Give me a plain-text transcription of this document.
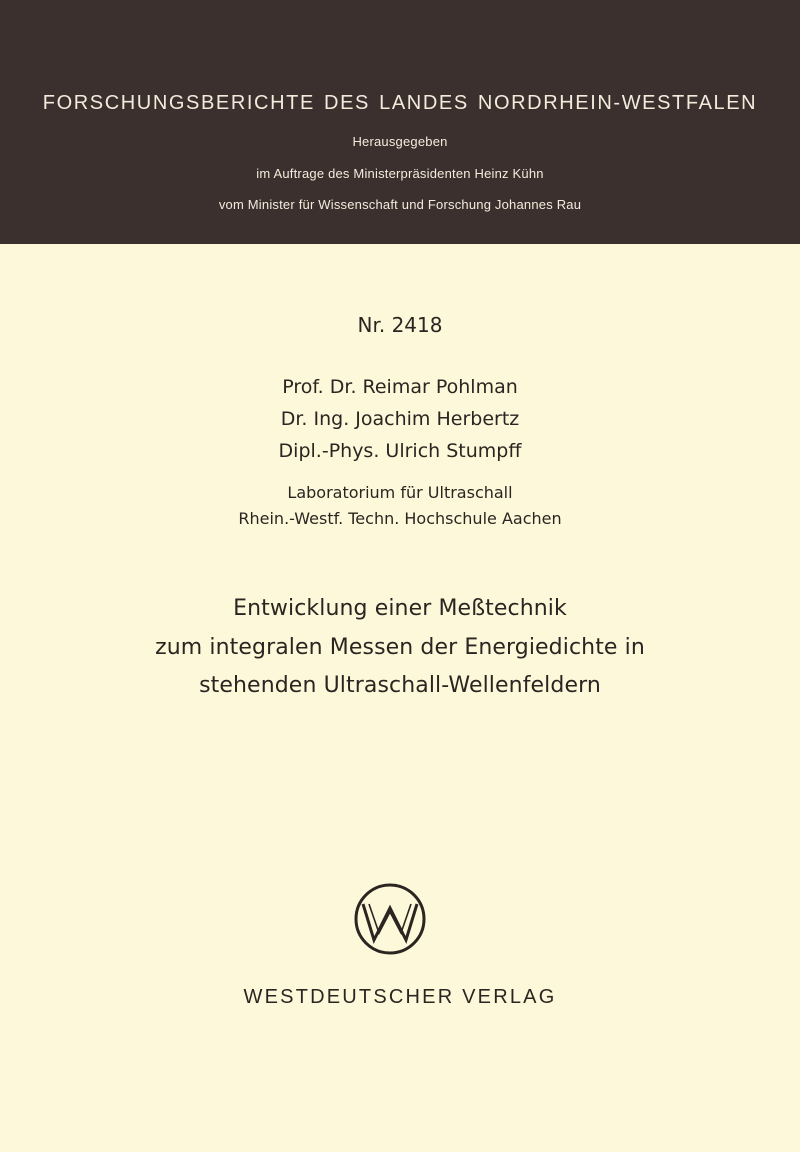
FORSCHUNGSBERICHTE DES LANDES NORDRHEIN-WESTFALEN
Herausgegeben
im Auftrage des Ministerpräsidenten Heinz Kühn
vom Minister für Wissenschaft und Forschung Johannes Rau
Nr. 2418
Prof. Dr. Reimar Pohlman
Dr. Ing. Joachim Herbertz
Dipl.-Phys. Ulrich Stumpff
Laboratorium für Ultraschall
Rhein.-Westf. Techn. Hochschule Aachen
Entwicklung einer Meßtechnik
zum integralen Messen der Energiedichte in
stehenden Ultraschall-Wellenfeldern
WESTDEUTSCHER VERLAG
